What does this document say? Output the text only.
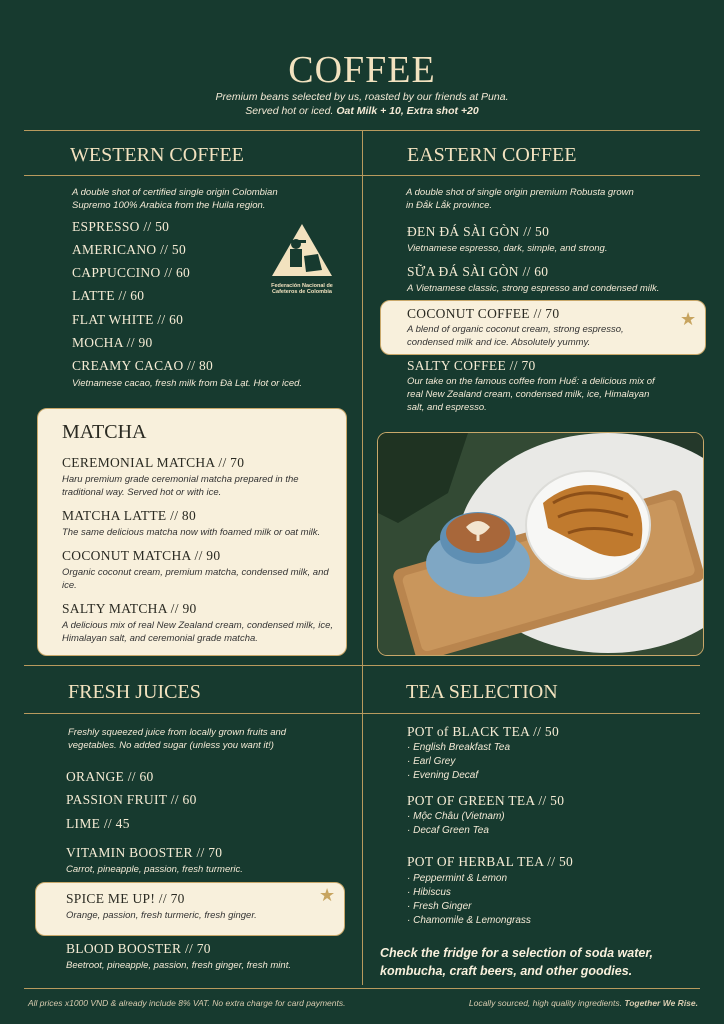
COFFEE
Premium beans selected by us, roasted by our friends at Puna.
Served hot or iced. Oat Milk + 10, Extra shot +20
WESTERN COFFEE
A double shot of certified single origin Colombian
Supremo 100% Arabica from the Huila region.
ESPRESSO // 50
AMERICANO // 50
CAPPUCCINO // 60
LATTE // 60
FLAT WHITE // 60
MOCHA // 90
CREAMY CACAO // 80
Vietnamese cacao, fresh milk from Đà Lạt. Hot or iced.
Federación Nacional de
Cafeteros de Colombia
EASTERN COFFEE
A double shot of single origin premium Robusta grown
in Đắk Lắk province.
ĐEN ĐÁ SÀI GÒN // 50
Vietnamese espresso, dark, simple, and strong.
SỮA ĐÁ SÀI GÒN // 60
A Vietnamese classic, strong espresso and condensed milk.
COCONUT COFFEE // 70
A blend of organic coconut cream, strong espresso,
condensed milk and ice. Absolutely yummy.
★
SALTY COFFEE // 70
Our take on the famous coffee from Huế: a delicious mix of
real New Zealand cream, condensed milk, ice, Himalayan
salt, and espresso.
MATCHA
CEREMONIAL MATCHA // 70
Haru premium grade ceremonial matcha prepared in the
traditional way. Served hot or with ice.
MATCHA LATTE // 80
The same delicious matcha now with foamed milk or oat milk.
COCONUT MATCHA // 90
Organic coconut cream, premium matcha, condensed milk, and
ice.
SALTY MATCHA // 90
A delicious mix of real New Zealand cream, condensed milk, ice,
Himalayan salt, and ceremonial grade matcha.
FRESH JUICES
Freshly squeezed juice from locally grown fruits and
vegetables. No added sugar (unless you want it!)
ORANGE // 60
PASSION FRUIT // 60
LIME // 45
VITAMIN BOOSTER // 70
Carrot, pineapple, passion, fresh turmeric.
SPICE ME UP! // 70
Orange, passion, fresh turmeric, fresh ginger.
★
BLOOD BOOSTER // 70
Beetroot, pineapple, passion, fresh ginger, fresh mint.
TEA SELECTION
POT of BLACK TEA // 50
· English Breakfast Tea
· Earl Grey
· Evening Decaf
POT OF GREEN TEA // 50
· Mộc Châu (Vietnam)
· Decaf Green Tea
POT OF HERBAL TEA // 50
· Peppermint & Lemon
· Hibiscus
· Fresh Ginger
· Chamomile & Lemongrass
Check the fridge for a selection of soda water,
kombucha, craft beers, and other goodies.
All prices x1000 VND & already include 8% VAT. No extra charge for card payments.	Locally sourced, high quality ingredients. Together We Rise.
